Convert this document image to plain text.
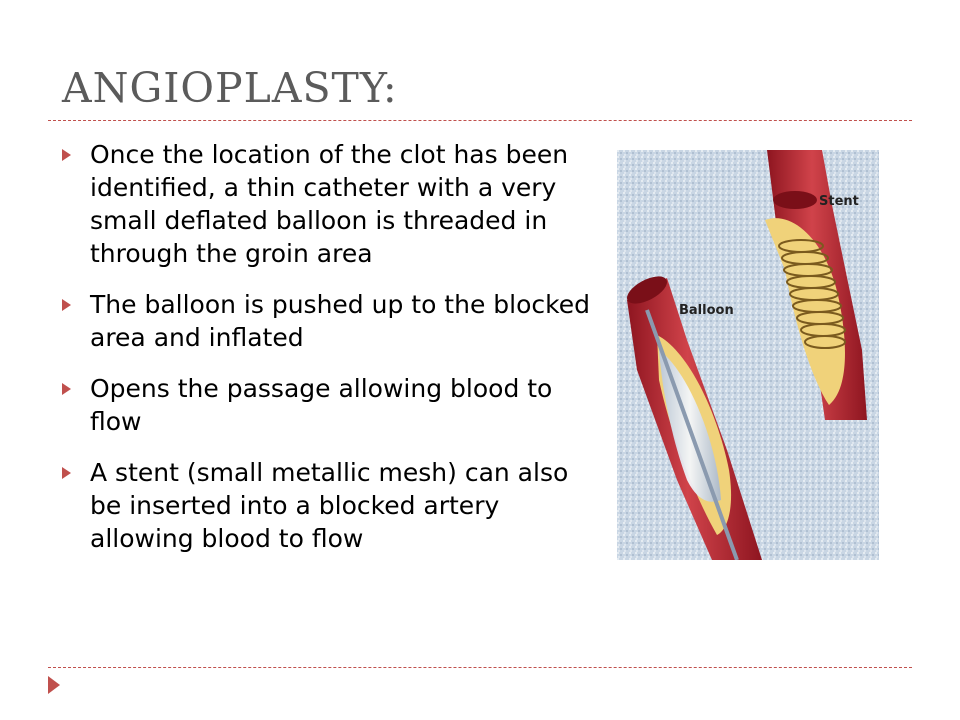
ANGIOPLASTY:
Once the location of the clot has been identified, a thin catheter with a very small deflated balloon is threaded in through the groin area
The balloon is pushed up to the blocked area and inflated
Opens the passage allowing blood to flow
A stent (small metallic mesh) can also be inserted into a blocked artery allowing blood to flow
Stent
Balloon
